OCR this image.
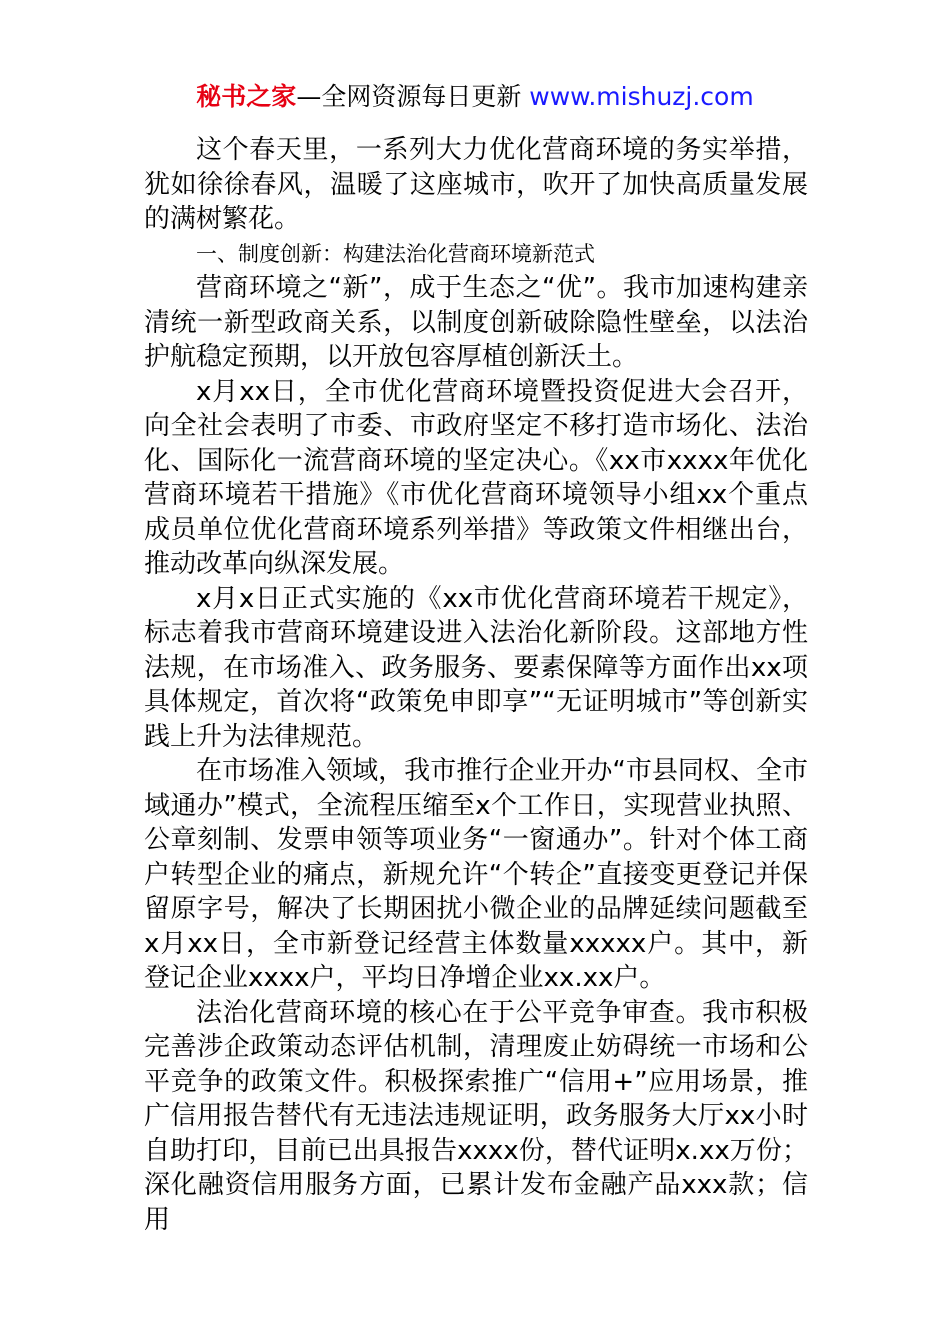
秘书之家—全网资源每日更新 www.mishuzj.com

这个春天里，一系列大力优化营商环境的务实举措，犹如徐徐春风，温暖了这座城市，吹开了加快高质量发展的满树繁花。

一、制度创新：构建法治化营商环境新范式

营商环境之“新”，成于生态之“优”。我市加速构建亲清统一新型政商关系，以制度创新破除隐性壁垒，以法治护航稳定预期，以开放包容厚植创新沃土。

x月xx日，全市优化营商环境暨投资促进大会召开，向全社会表明了市委、市政府坚定不移打造市场化、法治化、国际化一流营商环境的坚定决心。《xx市xxxx年优化营商环境若干措施》《市优化营商环境领导小组xx个重点成员单位优化营商环境系列举措》等政策文件相继出台，推动改革向纵深发展。

x月x日正式实施的《xx市优化营商环境若干规定》，标志着我市营商环境建设进入法治化新阶段。这部地方性法规，在市场准入、政务服务、要素保障等方面作出xx项具体规定，首次将“政策免申即享”“无证明城市”等创新实践上升为法律规范。

在市场准入领域，我市推行企业开办“市县同权、全市域通办”模式，全流程压缩至x个工作日，实现营业执照、公章刻制、发票申领等项业务“一窗通办”。针对个体工商户转型企业的痛点，新规允许“个转企”直接变更登记并保留原字号，解决了长期困扰小微企业的品牌延续问题截至x月xx日，全市新登记经营主体数量xxxxx户。其中，新登记企业xxxx户，平均日净增企业xx.xx户。

法治化营商环境的核心在于公平竞争审查。我市积极完善涉企政策动态评估机制，清理废止妨碍统一市场和公平竞争的政策文件。积极探索推广“信用+”应用场景，推广信用报告替代有无违法违规证明，政务服务大厅xx小时自助打印，目前已出具报告xxxx份，替代证明x.xx万份；深化融资信用服务方面，已累计发布金融产品xxx款；信用
